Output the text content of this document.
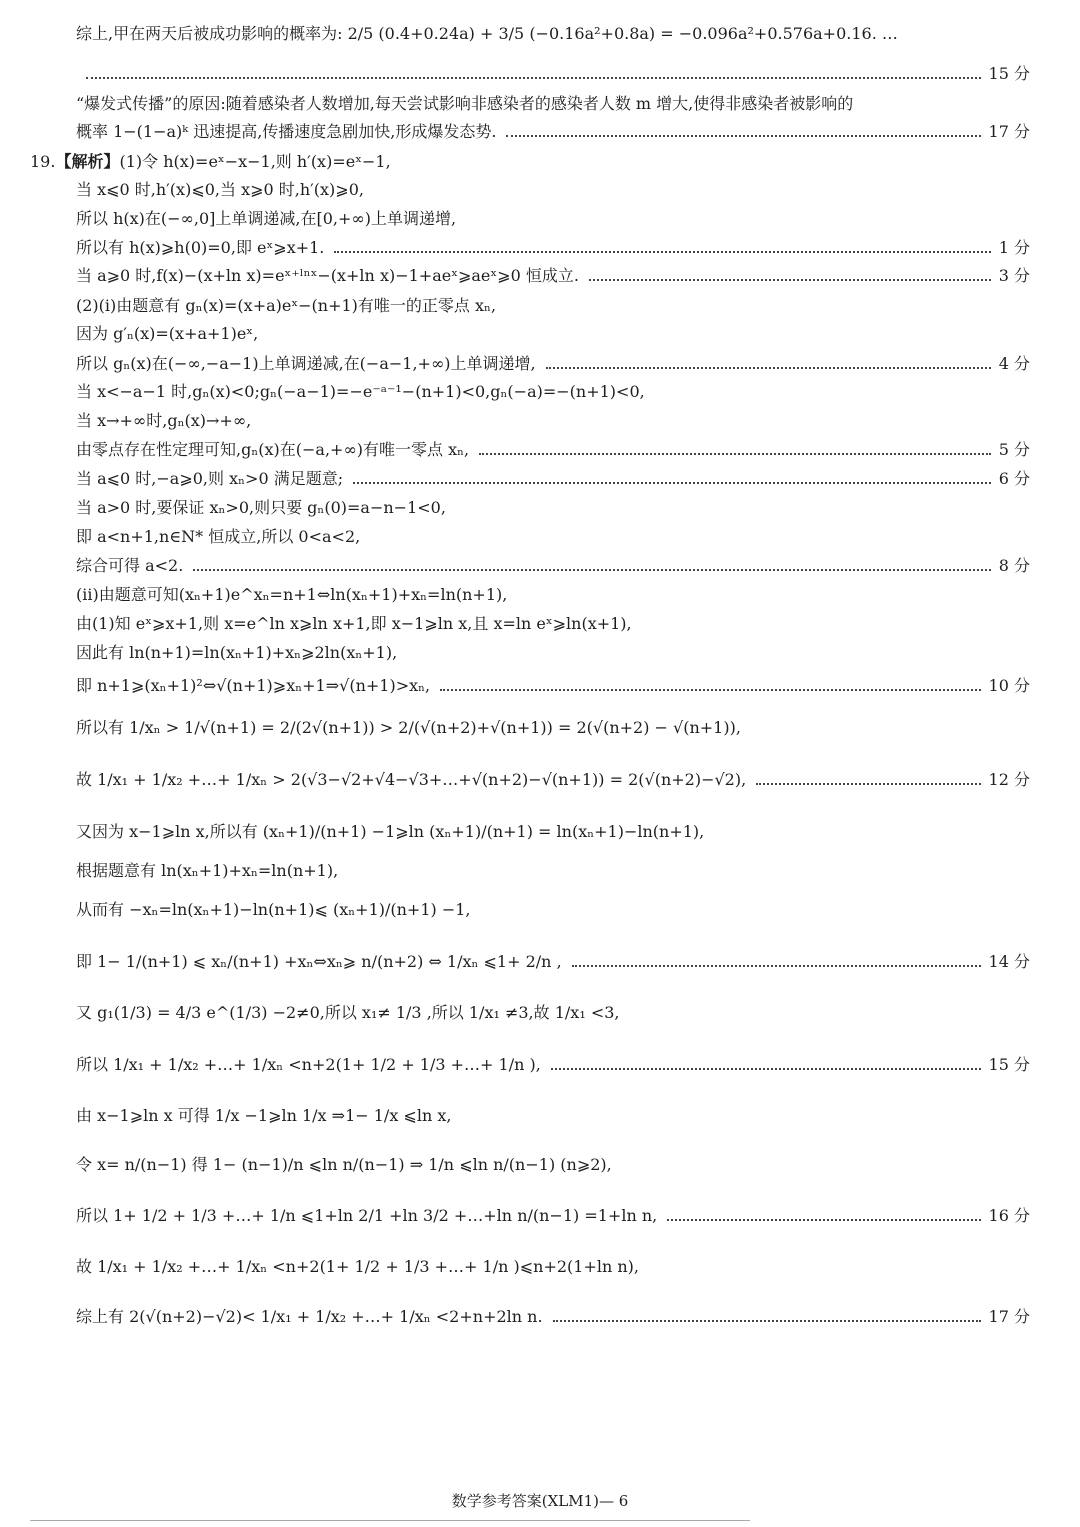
综上,甲在两天后被成功影响的概率为: 2/5 (0.4+0.24a) + 3/5 (−0.16a²+0.8a) = −0.096a²+0.576a+0.16. …
15 分
“爆发式传播”的原因:随着感染者人数增加,每天尝试影响非感染者的感染者人数 m 增大,使得非感染者被影响的
概率 1−(1−a)ᵏ 迅速提高,传播速度急剧加快,形成爆发态势.	17 分
19. 【解析】 (1)令 h(x)=eˣ−x−1,则 h′(x)=eˣ−1,
当 x⩽0 时,h′(x)⩽0,当 x⩾0 时,h′(x)⩾0,
所以 h(x)在(−∞,0]上单调递减,在[0,+∞)上单调递增,
所以有 h(x)⩾h(0)=0,即 eˣ⩾x+1.	1 分
当 a⩾0 时,f(x)−(x+ln x)=eˣ⁺ˡⁿˣ−(x+ln x)−1+aeˣ⩾aeˣ⩾0 恒成立.	3 分
(2)(ⅰ)由题意有 gₙ(x)=(x+a)eˣ−(n+1)有唯一的正零点 xₙ,
因为 g′ₙ(x)=(x+a+1)eˣ,
所以 gₙ(x)在(−∞,−a−1)上单调递减,在(−a−1,+∞)上单调递增,	4 分
当 x<−a−1 时,gₙ(x)<0;gₙ(−a−1)=−e⁻ᵃ⁻¹−(n+1)<0,gₙ(−a)=−(n+1)<0,
当 x→+∞时,gₙ(x)→+∞,
由零点存在性定理可知,gₙ(x)在(−a,+∞)有唯一零点 xₙ,	5 分
当 a⩽0 时,−a⩾0,则 xₙ>0 满足题意;	6 分
当 a>0 时,要保证 xₙ>0,则只要 gₙ(0)=a−n−1<0,
即 a<n+1,n∈N* 恒成立,所以 0<a<2,
综合可得 a<2.	8 分
(ⅱ)由题意可知(xₙ+1)e^xₙ=n+1⇔ln(xₙ+1)+xₙ=ln(n+1),
由(1)知 eˣ⩾x+1,则 x=e^ln x⩾ln x+1,即 x−1⩾ln x,且 x=ln eˣ⩾ln(x+1),
因此有 ln(n+1)=ln(xₙ+1)+xₙ⩾2ln(xₙ+1),
即 n+1⩾(xₙ+1)²⇔√(n+1)⩾xₙ+1⇒√(n+1)>xₙ,	10 分
所以有 1/xₙ > 1/√(n+1) = 2/(2√(n+1)) > 2/(√(n+2)+√(n+1)) = 2(√(n+2) − √(n+1)),
故 1/x₁ + 1/x₂ +…+ 1/xₙ > 2(√3−√2+√4−√3+…+√(n+2)−√(n+1)) = 2(√(n+2)−√2),	12 分
又因为 x−1⩾ln x,所以有 (xₙ+1)/(n+1) −1⩾ln (xₙ+1)/(n+1) = ln(xₙ+1)−ln(n+1),
根据题意有 ln(xₙ+1)+xₙ=ln(n+1),
从而有 −xₙ=ln(xₙ+1)−ln(n+1)⩽ (xₙ+1)/(n+1) −1,
即 1− 1/(n+1) ⩽ xₙ/(n+1) +xₙ⇔xₙ⩾ n/(n+2) ⇔ 1/xₙ ⩽1+ 2/n ,	14 分
又 g₁(1/3) = 4/3 e^(1/3) −2≠0,所以 x₁≠ 1/3 ,所以 1/x₁ ≠3,故 1/x₁ <3,
所以 1/x₁ + 1/x₂ +…+ 1/xₙ <n+2(1+ 1/2 + 1/3 +…+ 1/n ),	15 分
由 x−1⩾ln x 可得 1/x −1⩾ln 1/x ⇒1− 1/x ⩽ln x,
令 x= n/(n−1) 得 1− (n−1)/n ⩽ln n/(n−1) ⇒ 1/n ⩽ln n/(n−1) (n⩾2),
所以 1+ 1/2 + 1/3 +…+ 1/n ⩽1+ln 2/1 +ln 3/2 +…+ln n/(n−1) =1+ln n,	16 分
故 1/x₁ + 1/x₂ +…+ 1/xₙ <n+2(1+ 1/2 + 1/3 +…+ 1/n )⩽n+2(1+ln n),
综上有 2(√(n+2)−√2)< 1/x₁ + 1/x₂ +…+ 1/xₙ <2+n+2ln n.	17 分
数学参考答案(XLM1)— 6
